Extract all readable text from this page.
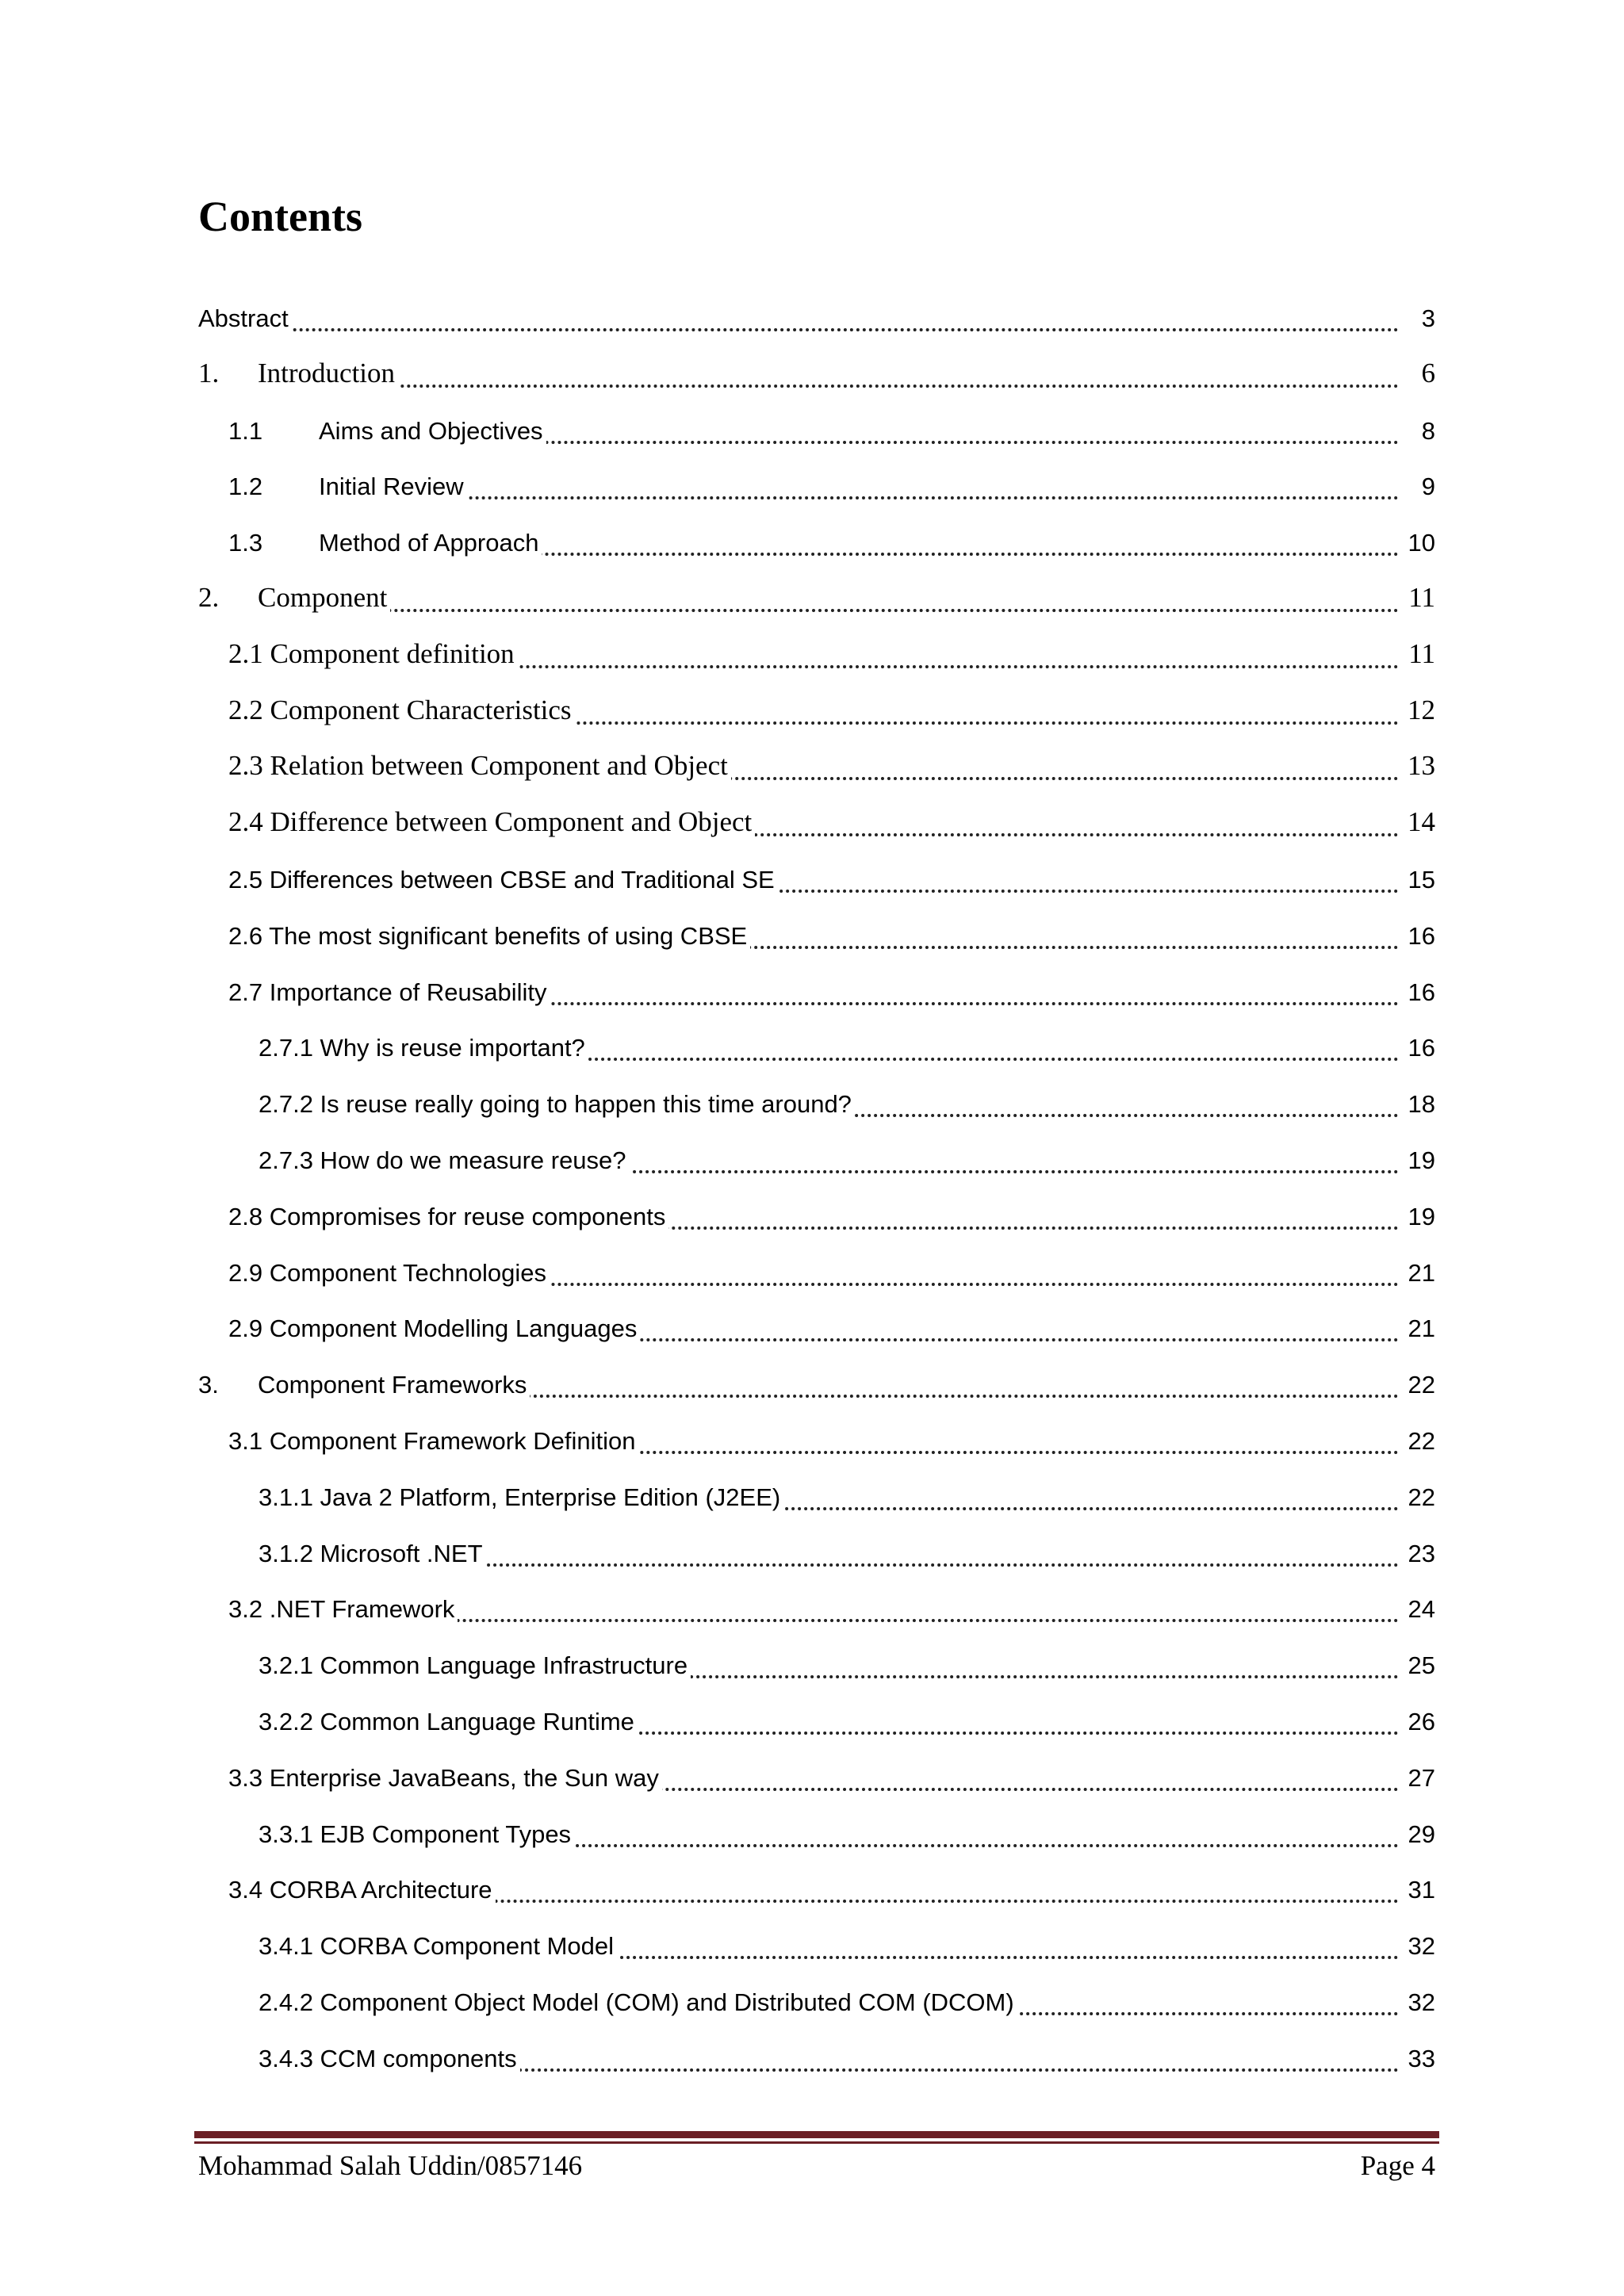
Contents
Abstract	3
1. Introduction	6
1.1 Aims and Objectives	8
1.2 Initial Review	9
1.3 Method of Approach	10
2. Component	11
2.1 Component definition	11
2.2 Component Characteristics	12
2.3 Relation between Component and Object	13
2.4 Difference between Component and Object	14
2.5 Differences between CBSE and Traditional SE	15
2.6 The most significant benefits of using CBSE	16
2.7 Importance of Reusability	16
2.7.1 Why is reuse important?	16
2.7.2 Is reuse really going to happen this time around?	18
2.7.3 How do we measure reuse?	19
2.8 Compromises for reuse components	19
2.9 Component Technologies	21
2.9 Component Modelling Languages	21
3. Component Frameworks	22
3.1 Component Framework Definition	22
3.1.1 Java 2 Platform, Enterprise Edition (J2EE)	22
3.1.2 Microsoft .NET	23
3.2 .NET Framework	24
3.2.1 Common Language Infrastructure	25
3.2.2 Common Language Runtime	26
3.3 Enterprise JavaBeans, the Sun way	27
3.3.1 EJB Component Types	29
3.4 CORBA Architecture	31
3.4.1 CORBA Component Model	32
2.4.2 Component Object Model (COM) and Distributed COM (DCOM)	32
3.4.3 CCM components	33
Mohammad Salah Uddin/0857146	Page 4
